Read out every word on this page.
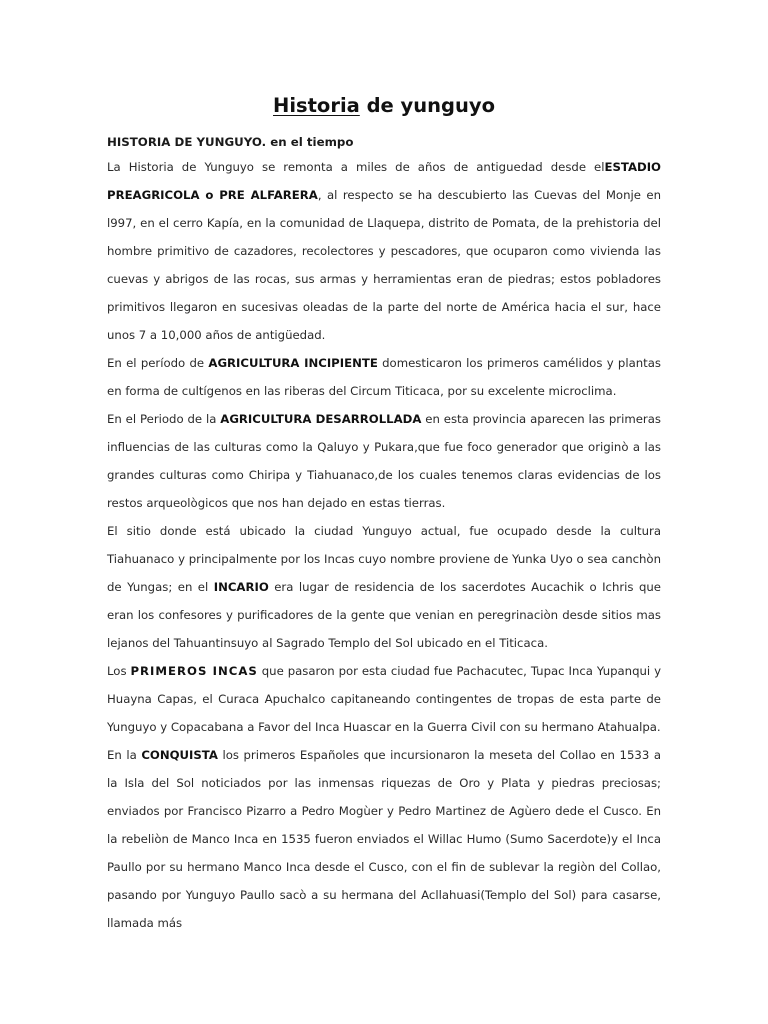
Historia de yunguyo
HISTORIA DE YUNGUYO. en el tiempo

La Historia de Yunguyo se remonta a miles de años de antiguedad desde elESTADIO PREAGRICOLA o PRE ALFARERA, al respecto se ha descubierto las Cuevas del Monje en l997, en el cerro Kapía, en la comunidad de Llaquepa, distrito de Pomata, de la prehistoria del hombre primitivo de cazadores, recolectores y pescadores, que ocuparon como vivienda las cuevas y abrigos de las rocas, sus armas y herramientas eran de piedras; estos pobladores primitivos llegaron en sucesivas oleadas de la parte del norte de América hacia el sur, hace unos 7 a 10,000 años de antigüedad.

En el período de AGRICULTURA INCIPIENTE domesticaron los primeros camélidos y plantas en forma de cultígenos en las riberas del Circum Titicaca, por su excelente microclima.

En el Periodo de la AGRICULTURA DESARROLLADA en esta provincia aparecen las primeras influencias de las culturas como la Qaluyo y Pukara,que fue foco generador que originò a las grandes culturas como Chiripa y Tiahuanaco,de los cuales tenemos claras evidencias de los restos arqueològicos que nos han dejado en estas tierras.

El sitio donde está ubicado la ciudad Yunguyo actual, fue ocupado desde la cultura Tiahuanaco y principalmente por los Incas cuyo nombre proviene de Yunka Uyo o sea canchòn de Yungas; en el INCARIO era lugar de residencia de los sacerdotes Aucachik o Ichris que eran los confesores y purificadores de la gente que venian en peregrinaciòn desde sitios mas lejanos del Tahuantinsuyo al Sagrado Templo del Sol ubicado en el Titicaca.

Los PRIMEROS INCAS que pasaron por esta ciudad fue Pachacutec, Tupac Inca Yupanqui y Huayna Capas, el Curaca Apuchalco capitaneando contingentes de tropas de esta parte de Yunguyo y Copacabana a Favor del Inca Huascar en la Guerra Civil con su hermano Atahualpa.

En la CONQUISTA los primeros Españoles que incursionaron la meseta del Collao en 1533 a la Isla del Sol noticiados por las inmensas riquezas de Oro y Plata y piedras preciosas; enviados por Francisco Pizarro a Pedro Mogùer y Pedro Martinez de Agùero dede el Cusco. En la rebeliòn de Manco Inca en 1535 fueron enviados el Willac Humo (Sumo Sacerdote)y el Inca Paullo por su hermano Manco Inca desde el Cusco, con el fin de sublevar la regiòn del Collao, pasando por Yunguyo Paullo sacò a su hermana del Acllahuasi(Templo del Sol) para casarse, llamada más
